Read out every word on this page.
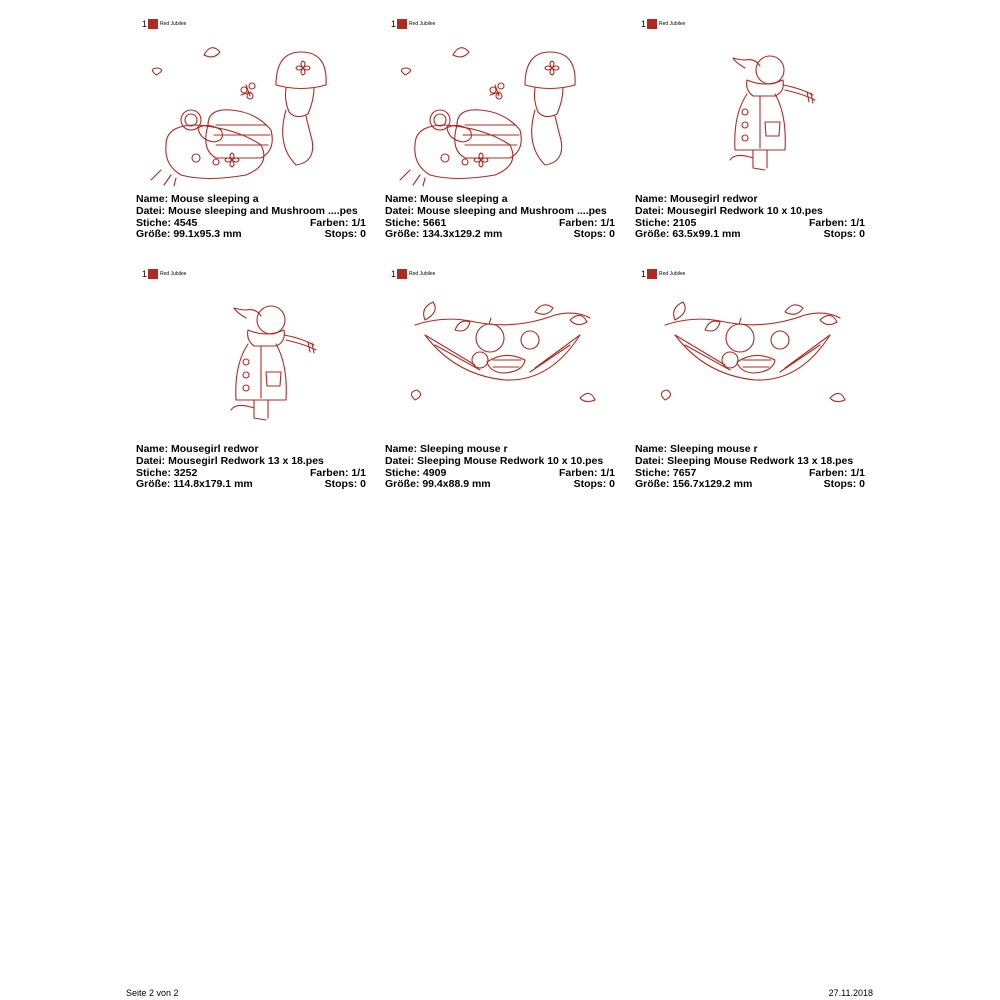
1	Red Jubilee
Name: Mouse sleeping a
Datei: Mouse sleeping and Mushroom ....pes
Stiche: 4545	Farben: 1/1
Größe: 99.1x95.3 mm	Stops: 0
1	Red Jubilee
Name: Mouse sleeping a
Datei: Mouse sleeping and Mushroom ....pes
Stiche: 5661	Farben: 1/1
Größe: 134.3x129.2 mm	Stops: 0
1	Red Jubilee
Name: Mousegirl redwor
Datei: Mousegirl Redwork 10 x 10.pes
Stiche: 2105	Farben: 1/1
Größe: 63.5x99.1 mm	Stops: 0
1	Red Jubilee
Name: Mousegirl redwor
Datei: Mousegirl Redwork 13 x 18.pes
Stiche: 3252	Farben: 1/1
Größe: 114.8x179.1 mm	Stops: 0
1	Red Jubilee
Name: Sleeping mouse r
Datei: Sleeping Mouse Redwork 10 x 10.pes
Stiche: 4909	Farben: 1/1
Größe: 99.4x88.9 mm	Stops: 0
1	Red Jubilee
Name: Sleeping mouse r
Datei: Sleeping Mouse Redwork 13 x 18.pes
Stiche: 7657	Farben: 1/1
Größe: 156.7x129.2 mm	Stops: 0
Seite 2 von 2	27.11.2018
